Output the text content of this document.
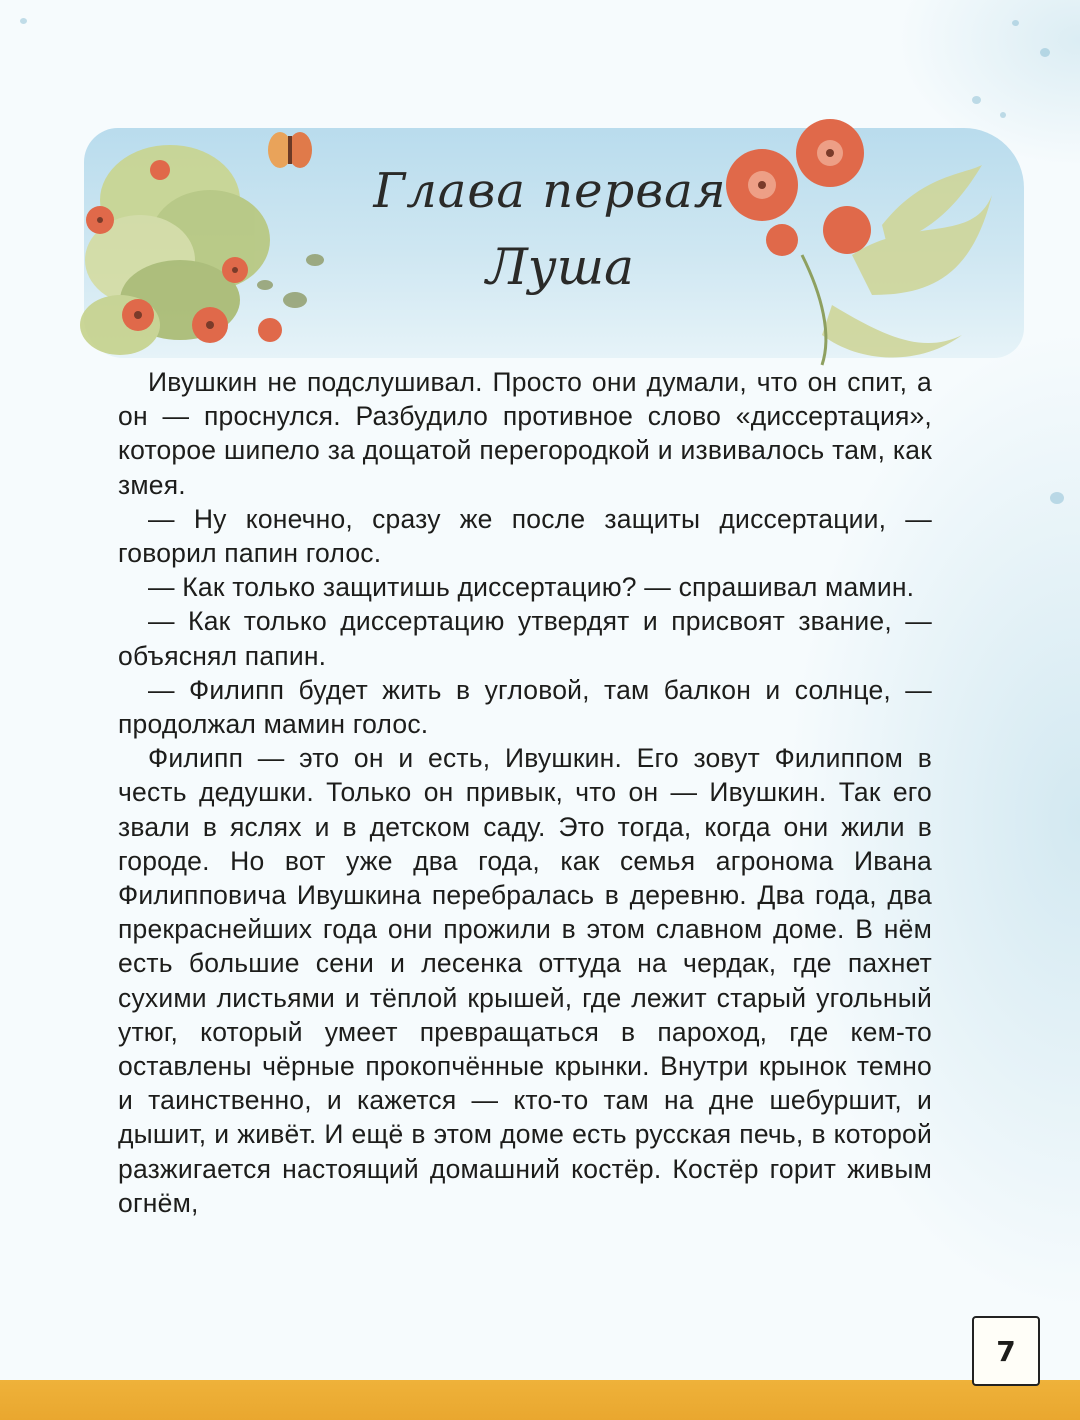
Глава первая
Луша

Ивушкин не подслушивал. Просто они думали, что он спит, а он — проснулся. Разбудило противное слово «диссертация», которое шипело за дощатой перегородкой и извивалось там, как змея.

— Ну конечно, сразу же после защиты диссертации, — говорил папин голос.

— Как только защитишь диссертацию? — спрашивал мамин.

— Как только диссертацию утвердят и присвоят звание, — объяснял папин.

— Филипп будет жить в угловой, там балкон и солнце, — продолжал мамин голос.

Филипп — это он и есть, Ивушкин. Его зовут Филиппом в честь дедушки. Только он привык, что он — Ивушкин. Так его звали в яслях и в детском саду. Это тогда, когда они жили в городе. Но вот уже два года, как семья агронома Ивана Филипповича Ивушкина перебралась в деревню. Два года, два прекраснейших года они прожили в этом славном доме. В нём есть большие сени и лесенка оттуда на чердак, где пахнет сухими листьями и тёплой крышей, где лежит старый угольный утюг, который умеет превращаться в пароход, где кем-то оставлены чёрные прокопчённые крынки. Внутри крынок темно и таинственно, и кажется — кто-то там на дне шебуршит, и дышит, и живёт. И ещё в этом доме есть русская печь, в которой разжигается настоящий домашний костёр. Костёр горит живым огнём,

7
